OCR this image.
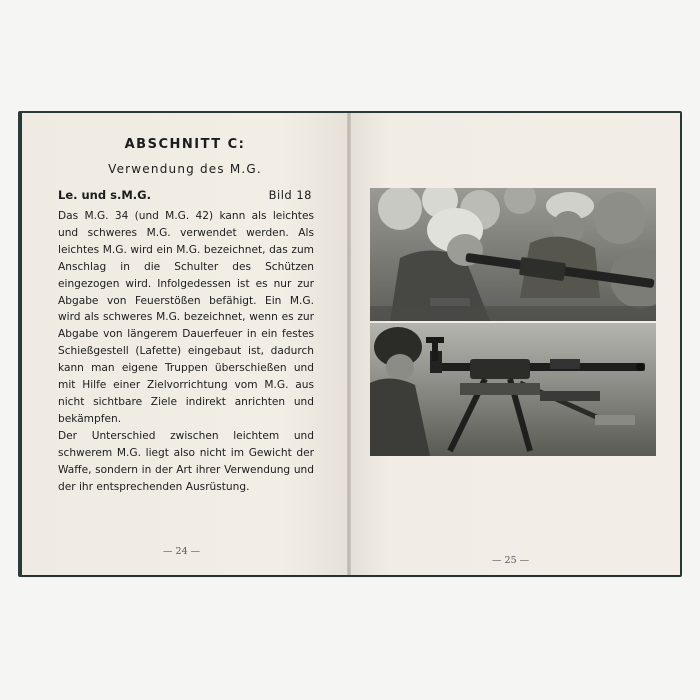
ABSCHNITT C:
Verwendung des M.G.
Le. und s.M.G.	Bild 18

Das M.G. 34 (und M.G. 42) kann als leichtes und schweres M.G. verwendet werden. Als leichtes M.G. wird ein M.G. bezeichnet, das zum Anschlag in die Schulter des Schützen eingezogen wird. Infolgedessen ist es nur zur Abgabe von Feuerstößen befähigt. Ein M.G. wird als schweres M.G. bezeichnet, wenn es zur Abgabe von längerem Dauerfeuer in ein festes Schießgestell (Lafette) eingebaut ist, dadurch kann man eigene Truppen überschießen und mit Hilfe einer Zielvorrichtung vom M.G. aus nicht sichtbare Ziele indirekt anrichten und bekämpfen.

Der Unterschied zwischen leichtem und schwerem M.G. liegt also nicht im Gewicht der Waffe, sondern in der Art ihrer Verwendung und der ihr entsprechenden Ausrüstung.

— 24 —
— 25 —
